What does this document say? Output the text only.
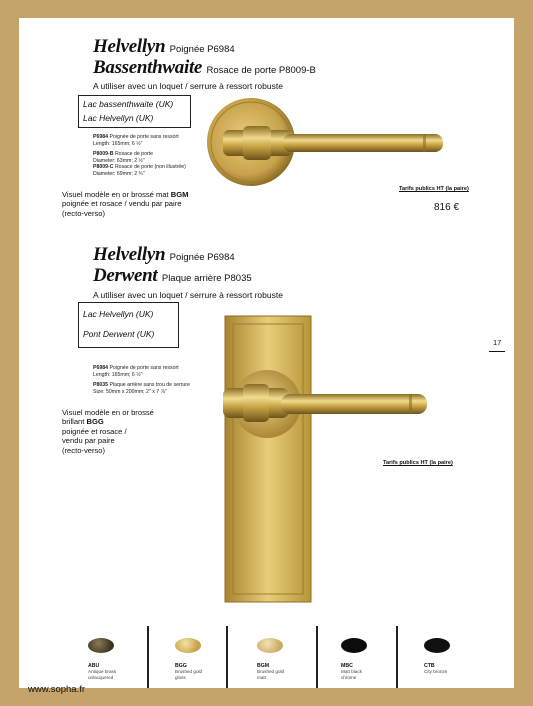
Helvellyn Poignée P6984
Bassenthwaite Rosace de porte P8009-B
A utiliser avec un loquet / serrure à ressort robuste
Lac bassenthwaite (UK)
Lac Helvellyn (UK)
P6984 Poignée de porte sans ressort
Length: 165mm; 6 ½"
P8009-B Rosace de porte
Diameter: 63mm; 2 ½"
P8009-C Rosace de porte (non illustrée)
Diameter: 69mm; 2 ¾"
Visuel modèle en or brossé mat BGM
poignée et rosace / vendu par paire
(recto-verso)
Tarifs publics HT (la paire)
816 €
Helvellyn Poignée P6984
Derwent Plaque arrière P8035
A utiliser avec un loquet / serrure à ressort robuste
Lac Helvellyn (UK)
Pont Derwent (UK)
P6984 Poignée de porte sans ressort
Length: 165mm; 6 ½"
P8035 Plaque arrière sans trou de serrure
Size: 50mm x 200mm; 2" x 7 ⅞"
Visuel modèle en or brossé
brillant BGG
poignée et rosace /
vendu par paire
(recto-verso)
Tarifs publics HT (la paire)
17
ABU
Antique brass
unlacquered
BGG
Brushed gold
gloss
BGM
Brushed gold
matt
MBC
Matt black
chrome
CTB
City bronze
www.sopha.fr
